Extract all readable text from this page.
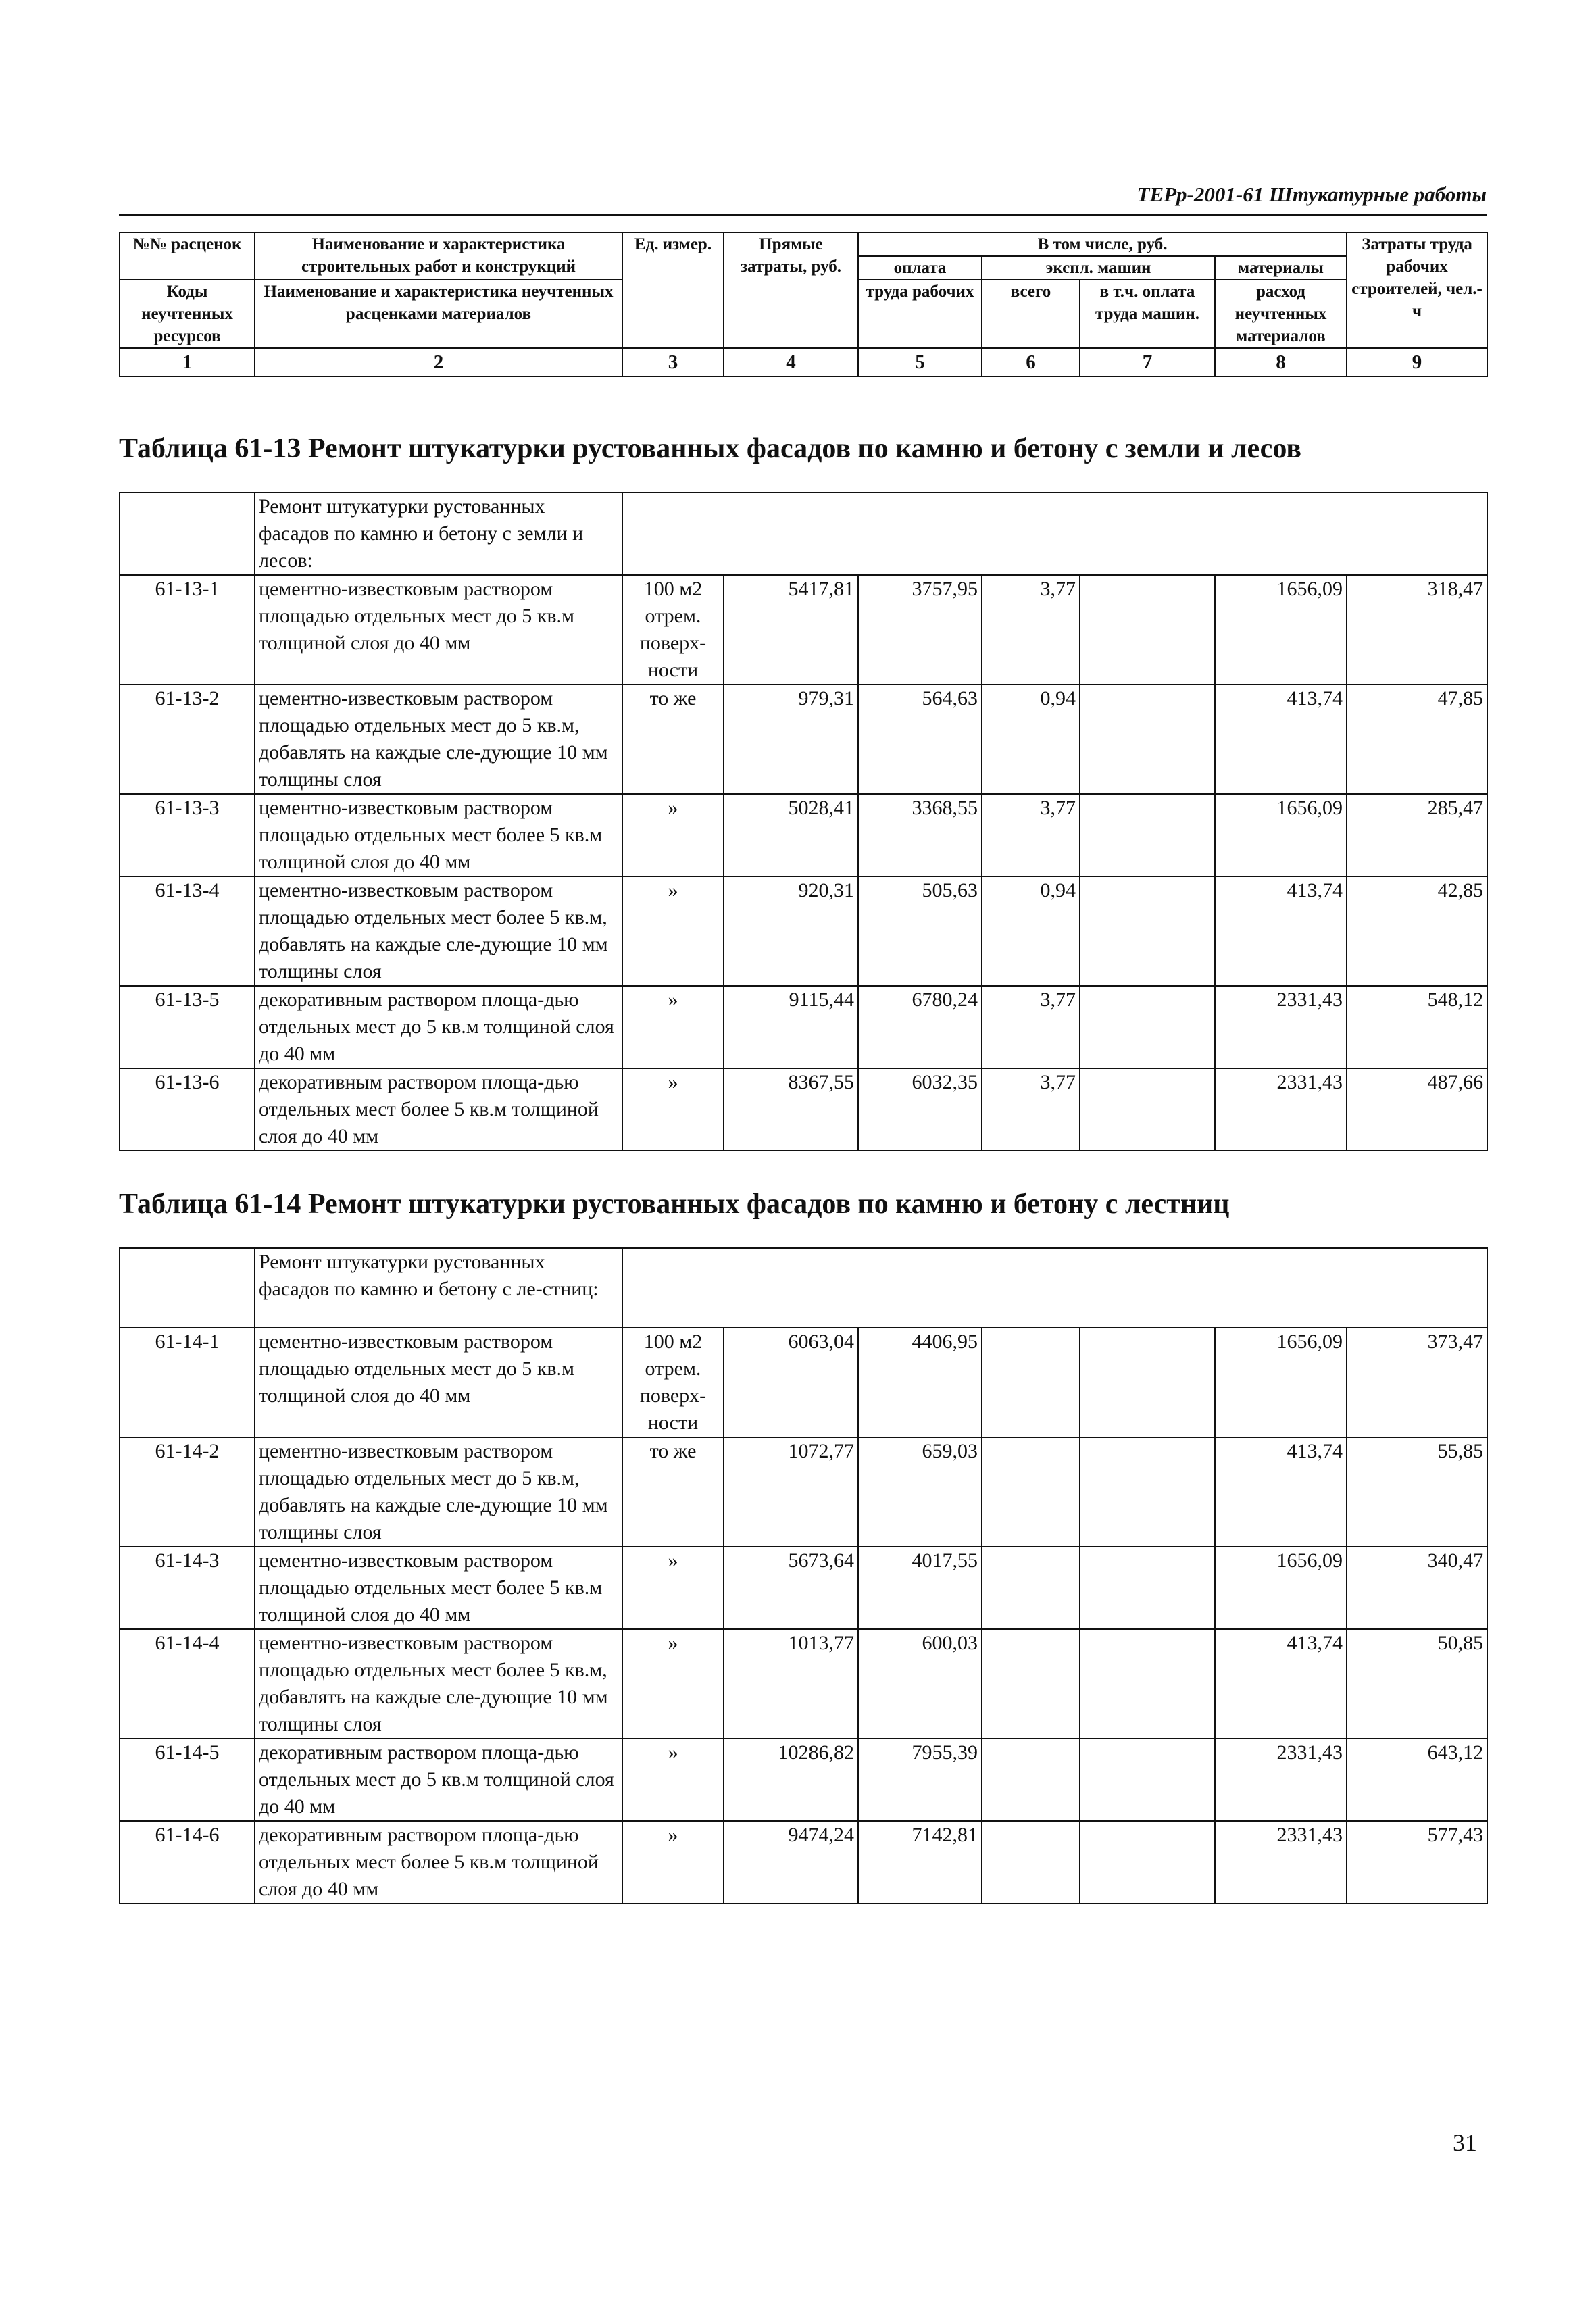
ТЕРр-2001-61 Штукатурные работы
№№ расценок	Наименование и характеристика строительных работ и конструкций	Ед. измер.	Прямые затраты, руб.	В том числе, руб.				Затраты труда рабочих строителей, чел.-ч
				оплата	экспл. машин		материалы	
Коды неучтенных ресурсов	Наименование и характеристика неучтенных расценками материалов			труда рабочих	всего	в т.ч. оплата труда машин.	расход неучтенных материалов	

1	2	3	4	5	6	7	8	9
Таблица 61-13 Ремонт штукатурки рустованных фасадов по камню и бетону с земли и лесов
	Ремонт штукатурки рустованных фасадов по камню и бетону с земли и лесов:							
61-13-1	цементно-известковым раствором площадью отдельных мест до 5 кв.м толщиной слоя до 40 мм	100 м2 отрем. поверх-ности	5417,81	3757,95	3,77		1656,09	318,47
61-13-2	цементно-известковым раствором площадью отдельных мест до 5 кв.м, добавлять на каждые сле-дующие 10 мм толщины слоя	то же	979,31	564,63	0,94		413,74	47,85
61-13-3	цементно-известковым раствором площадью отдельных мест более 5 кв.м толщиной слоя до 40 мм	»	5028,41	3368,55	3,77		1656,09	285,47
61-13-4	цементно-известковым раствором площадью отдельных мест более 5 кв.м, добавлять на каждые сле-дующие 10 мм толщины слоя	»	920,31	505,63	0,94		413,74	42,85
61-13-5	декоративным раствором площа-дью отдельных мест до 5 кв.м толщиной слоя до 40 мм	»	9115,44	6780,24	3,77		2331,43	548,12
61-13-6	декоративным раствором площа-дью отдельных мест более 5 кв.м толщиной слоя до 40 мм	»	8367,55	6032,35	3,77		2331,43	487,66
Таблица 61-14 Ремонт штукатурки рустованных фасадов по камню и бетону с лестниц
	Ремонт штукатурки рустованных фасадов по камню и бетону с ле-стниц:							
61-14-1	цементно-известковым раствором площадью отдельных мест до 5 кв.м толщиной слоя до 40 мм	100 м2 отрем. поверх-ности	6063,04	4406,95			1656,09	373,47
61-14-2	цементно-известковым раствором площадью отдельных мест до 5 кв.м, добавлять на каждые сле-дующие 10 мм толщины слоя	то же	1072,77	659,03			413,74	55,85
61-14-3	цементно-известковым раствором площадью отдельных мест более 5 кв.м толщиной слоя до 40 мм	»	5673,64	4017,55			1656,09	340,47
61-14-4	цементно-известковым раствором площадью отдельных мест более 5 кв.м, добавлять на каждые сле-дующие 10 мм толщины слоя	»	1013,77	600,03			413,74	50,85
61-14-5	декоративным раствором площа-дью отдельных мест до 5 кв.м толщиной слоя до 40 мм	»	10286,82	7955,39			2331,43	643,12
61-14-6	декоративным раствором площа-дью отдельных мест более 5 кв.м толщиной слоя до 40 мм	»	9474,24	7142,81			2331,43	577,43
31
